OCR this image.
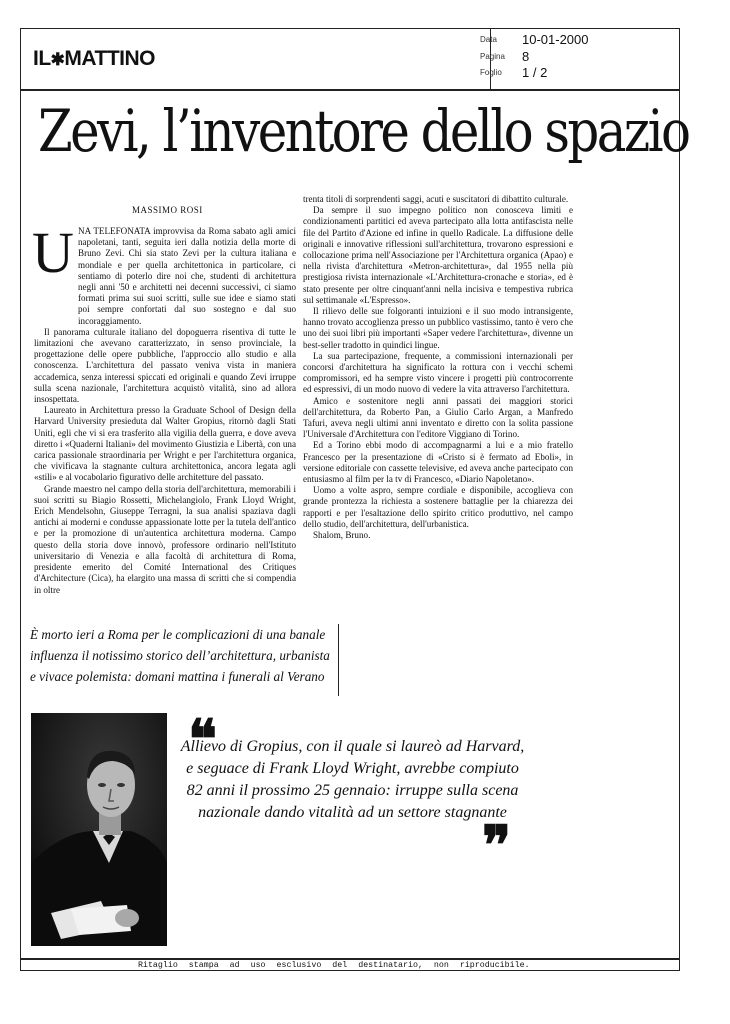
IL✱MATTINO
Data 10-01-2000
Pagina 8
Foglio 1 / 2
Zevi, l’inventore dello spazio
MASSIMO ROSI
U NA TELEFONATA improvvisa da Roma sabato agli amici napoletani, tanti, seguita ieri dalla notizia della morte di Bruno Zevi. Chi sia stato Zevi per la cultura italiana e mondiale e per quella architettonica in particolare, ci sentiamo di poterlo dire noi che, studenti di architettura negli anni '50 e architetti nei decenni successivi, ci siamo formati prima sui suoi scritti, sulle sue idee e siamo stati poi sempre confortati dal suo sostegno e dal suo incoraggiamento.

Il panorama culturale italiano del dopoguerra risentiva di tutte le limitazioni che avevano caratterizzato, in senso provinciale, la progettazione delle opere pubbliche, l'approccio allo studio e alla conoscenza. L'architettura del passato veniva vista in maniera accademica, senza interessi spiccati ed originali e quando Zevi irruppe sulla scena nazionale, l'architettura acquistò vitalità, sino ad allora insospettata.

Laureato in Architettura presso la Graduate School of Design della Harvard University presieduta dal Walter Gropius, ritornò dagli Stati Uniti, egli che vi si era trasferito alla vigilia della guerra, e dove aveva diretto i «Quaderni Italiani» del movimento Giustizia e Libertà, con una carica passionale straordinaria per Wright e per l'architettura organica, che vivificava la stagnante cultura architettonica, ancora legata agli «stili» e al vocabolario figurativo delle architetture del passato.

Grande maestro nel campo della storia dell'architettura, memorabili i suoi scritti su Biagio Rossetti, Michelangiolo, Frank Lloyd Wright, Erich Mendelsohn, Giuseppe Terragni, la sua analisi spaziava dagli antichi ai moderni e condusse appassionate lotte per la tutela dell'antico e per la promozione di un'autentica architettura moderna. Campo questo della storia dove innovò, professore ordinario nell'Istituto universitario di Venezia e alla facoltà di architettura di Roma, presidente emerito del Comité International des Critiques d'Architecture (Cica), ha elargito una massa di scritti che si compendia in oltre

trenta titoli di sorprendenti saggi, acuti e suscitatori di dibattito culturale.

Da sempre il suo impegno politico non conosceva limiti e condizionamenti partitici ed aveva partecipato alla lotta antifascista nelle file del Partito d'Azione ed infine in quello Radicale. La diffusione delle originali e innovative riflessioni sull'architettura, trovarono espressioni e collocazione prima nell'Associazione per l'Architettura organica (Apao) e nella rivista d'architettura «Metron-architettura», dal 1955 nella più prestigiosa rivista internazionale «L'Architettura-cronache e storia», ed è stato presente per oltre cinquant'anni nella incisiva e tempestiva rubrica sul settimanale «L'Espresso».

Il rilievo delle sue folgoranti intuizioni e il suo modo intransigente, hanno trovato accoglienza presso un pubblico vastissimo, tanto è vero che uno dei suoi libri più importanti «Saper vedere l'architettura», divenne un best-seller tradotto in quindici lingue.

La sua partecipazione, frequente, a commissioni internazionali per concorsi d'architettura ha significato la rottura con i vecchi schemi compromissori, ed ha sempre visto vincere i progetti più controcorrente ed espressivi, di un modo nuovo di vedere la vita attraverso l'architettura.

Amico e sostenitore negli anni passati dei maggiori storici dell'architettura, da Roberto Pan, a Giulio Carlo Argan, a Manfredo Tafuri, aveva negli ultimi anni inventato e diretto con la solita passione l'Universale d'Architettura con l'editore Viggiano di Torino.

Ed a Torino ebbi modo di accompagnarmi a lui e a mio fratello Francesco per la presentazione di «Cristo si è fermato ad Eboli», in versione editoriale con cassette televisive, ed aveva anche partecipato con entusiasmo al film per la tv di Francesco, «Diario Napoletano».

Uomo a volte aspro, sempre cordiale e disponibile, accoglieva con grande prontezza la richiesta a sostenere battaglie per la chiarezza dei rapporti e per l'esaltazione dello spirito critico produttivo, nel campo dello studio, dell'architettura, dell'urbanistica.

Shalom, Bruno.

È morto ieri a Roma per le complicazioni di una banale influenza il notissimo storico dell’architettura, urbanista e vivace polemista: domani mattina i funerali al Verano
❝
Allievo di Gropius, con il quale si laureò ad Harvard, e seguace di Frank Lloyd Wright, avrebbe compiuto 82 anni il prossimo 25 gennaio: irruppe sulla scena nazionale dando vitalità ad un settore stagnante
❞
Ritaglio stampa ad uso esclusivo del destinatario, non riproducibile.
